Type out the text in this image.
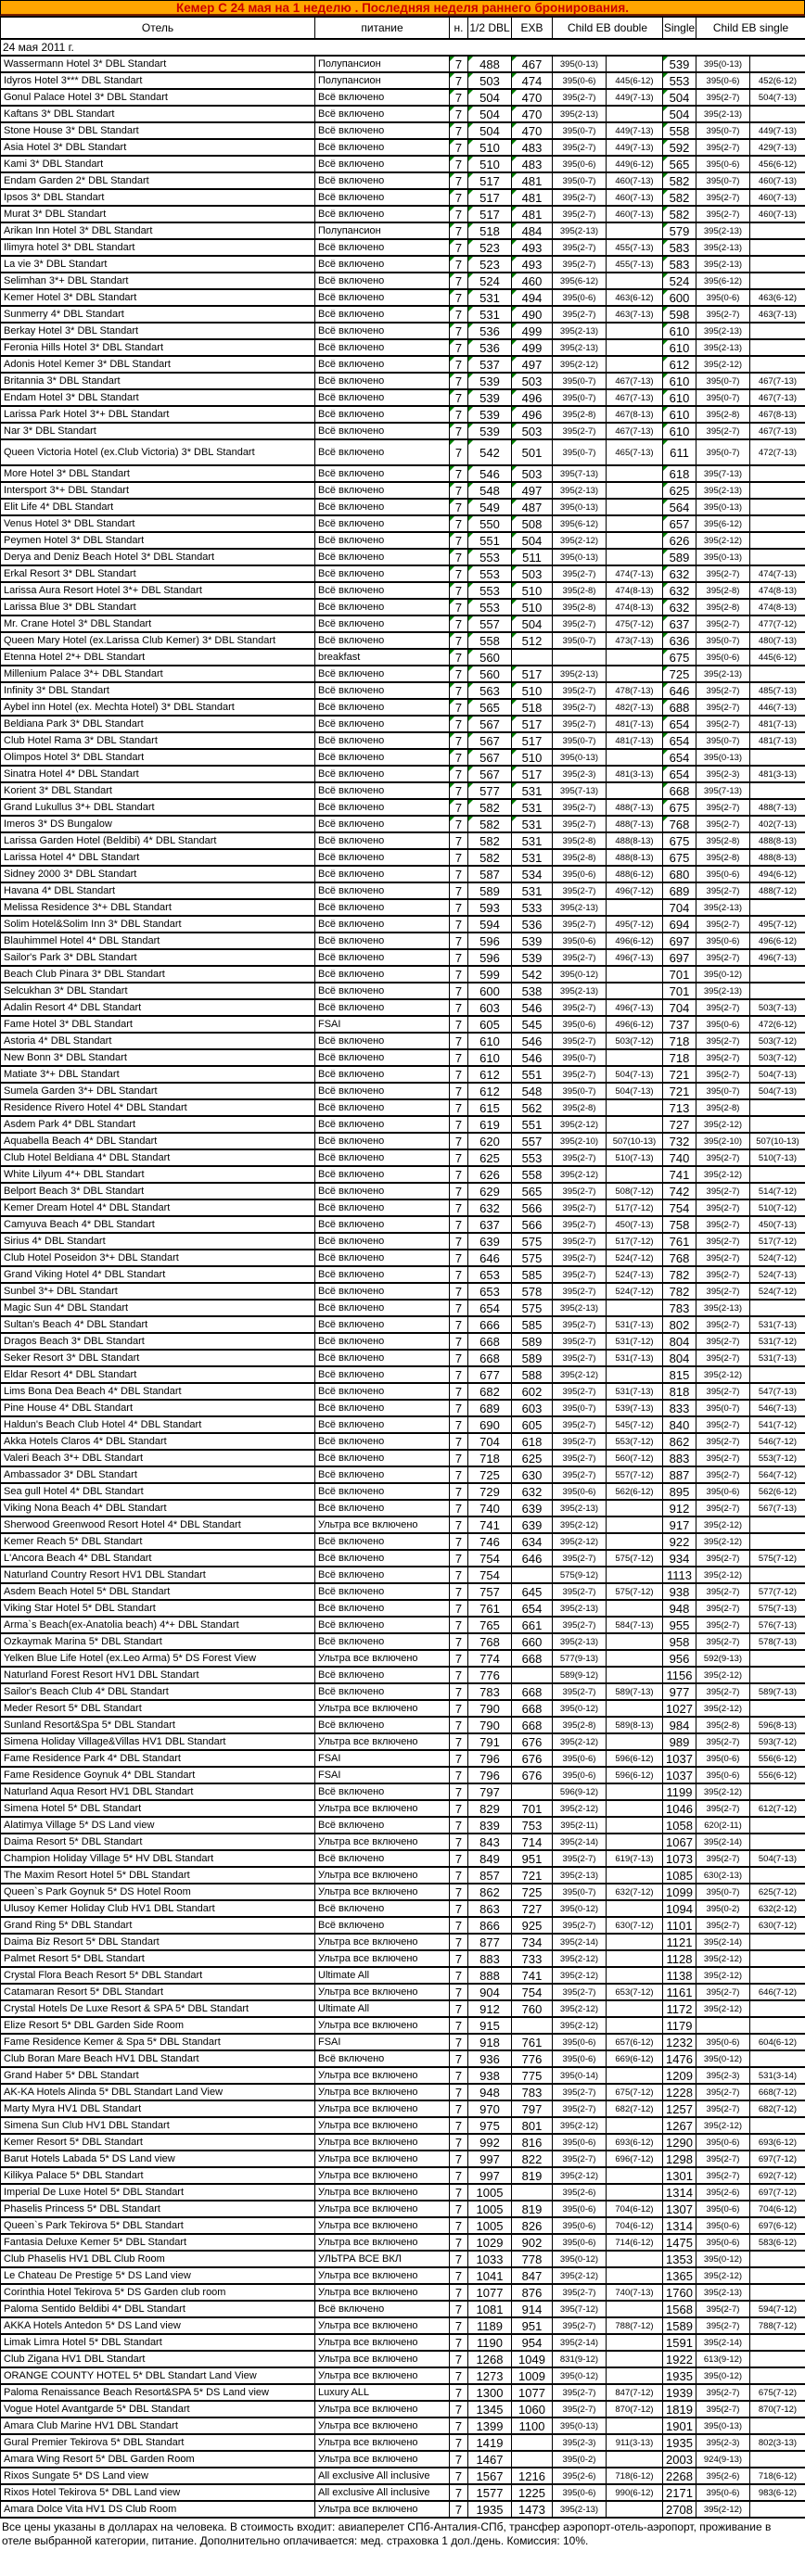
Кемер С 24 мая на 1 неделю . Последняя неделя раннего бронирования.
Отель	питание	н.	1/2 DBL	EXB	Child EB double		Single	Child EB single	
24 мая 2011 г.									
Wassermann Hotel 3* DBL Standart	Полупансион	7	488	467	395(0-13)		539	395(0-13)	
Idyros Hotel 3*** DBL Standart	Полупансион	7	503	474	395(0-6)	445(6-12)	553	395(0-6)	452(6-12)
Gonul Palace Hotel 3* DBL Standart	Всё включено	7	504	470	395(2-7)	449(7-13)	504	395(2-7)	504(7-13)
Kaftans 3* DBL Standart	Всё включено	7	504	470	395(2-13)		504	395(2-13)	
Stone House 3* DBL Standart	Всё включено	7	504	470	395(0-7)	449(7-13)	558	395(0-7)	449(7-13)
Asia Hotel 3* DBL Standart	Всё включено	7	510	483	395(2-7)	449(7-13)	592	395(2-7)	429(7-13)
Kami 3* DBL Standart	Всё включено	7	510	483	395(0-6)	449(6-12)	565	395(0-6)	456(6-12)
Endam Garden 2* DBL Standart	Всё включено	7	517	481	395(0-7)	460(7-13)	582	395(0-7)	460(7-13)
Ipsos 3* DBL Standart	Всё включено	7	517	481	395(2-7)	460(7-13)	582	395(2-7)	460(7-13)
Murat 3* DBL Standart	Всё включено	7	517	481	395(2-7)	460(7-13)	582	395(2-7)	460(7-13)
Arikan Inn Hotel 3* DBL Standart	Полупансион	7	518	484	395(2-13)		579	395(2-13)	
Ilimyra hotel 3* DBL Standart	Всё включено	7	523	493	395(2-7)	455(7-13)	583	395(2-13)	
La vie 3* DBL Standart	Всё включено	7	523	493	395(2-7)	455(7-13)	583	395(2-13)	
Selimhan 3*+ DBL Standart	Всё включено	7	524	460	395(6-12)		524	395(6-12)	
Kemer Hotel 3* DBL Standart	Всё включено	7	531	494	395(0-6)	463(6-12)	600	395(0-6)	463(6-12)
Sunmerry 4* DBL Standart	Всё включено	7	531	490	395(2-7)	463(7-13)	598	395(2-7)	463(7-13)
Berkay Hotel 3* DBL Standart	Всё включено	7	536	499	395(2-13)		610	395(2-13)	
Feronia Hills Hotel 3* DBL Standart	Всё включено	7	536	499	395(2-13)		610	395(2-13)	
Adonis Hotel Kemer 3* DBL Standart	Всё включено	7	537	497	395(2-12)		612	395(2-12)	
Britannia 3* DBL Standart	Всё включено	7	539	503	395(0-7)	467(7-13)	610	395(0-7)	467(7-13)
Endam Hotel 3* DBL Standart	Всё включено	7	539	496	395(0-7)	467(7-13)	610	395(0-7)	467(7-13)
Larissa Park Hotel 3*+ DBL Standart	Всё включено	7	539	496	395(2-8)	467(8-13)	610	395(2-8)	467(8-13)
Nar 3* DBL Standart	Всё включено	7	539	503	395(2-7)	467(7-13)	610	395(2-7)	467(7-13)
Queen Victoria Hotel (ex.Club Victoria) 3* DBL Standart	Всё включено	7	542	501	395(0-7)	465(7-13)	611	395(0-7)	472(7-13)
More Hotel 3* DBL Standart	Всё включено	7	546	503	395(7-13)		618	395(7-13)	
Intersport 3*+ DBL Standart	Всё включено	7	548	497	395(2-13)		625	395(2-13)	
Elit Life 4* DBL Standart	Всё включено	7	549	487	395(0-13)		564	395(0-13)	
Venus Hotel 3* DBL Standart	Всё включено	7	550	508	395(6-12)		657	395(6-12)	
Peymen Hotel 3* DBL Standart	Всё включено	7	551	504	395(2-12)		626	395(2-12)	
Derya and Deniz Beach Hotel 3* DBL Standart	Всё включено	7	553	511	395(0-13)		589	395(0-13)	
Erkal Resort 3* DBL Standart	Всё включено	7	553	503	395(2-7)	474(7-13)	632	395(2-7)	474(7-13)
Larissa Aura Resort Hotel 3*+ DBL Standart	Всё включено	7	553	510	395(2-8)	474(8-13)	632	395(2-8)	474(8-13)
Larissa Blue 3* DBL Standart	Всё включено	7	553	510	395(2-8)	474(8-13)	632	395(2-8)	474(8-13)
Mr. Crane Hotel 3* DBL Standart	Всё включено	7	557	504	395(2-7)	475(7-12)	637	395(2-7)	477(7-12)
Queen Mary Hotel (ex.Larissa Club Kemer) 3* DBL Standart	Всё включено	7	558	512	395(0-7)	473(7-13)	636	395(0-7)	480(7-13)
Etenna Hotel 2*+ DBL Standart	breakfast	7	560				675	395(0-6)	445(6-12)
Millenium Palace 3*+ DBL Standart	Всё включено	7	560	517	395(2-13)		725	395(2-13)	
Infinity 3* DBL Standart	Всё включено	7	563	510	395(2-7)	478(7-13)	646	395(2-7)	485(7-13)
Aybel inn Hotel (ex. Mechta Hotel) 3* DBL Standart	Всё включено	7	565	518	395(2-7)	482(7-13)	688	395(2-7)	446(7-13)
Beldiana Park 3* DBL Standart	Всё включено	7	567	517	395(2-7)	481(7-13)	654	395(2-7)	481(7-13)
Club Hotel Rama 3* DBL Standart	Всё включено	7	567	517	395(0-7)	481(7-13)	654	395(0-7)	481(7-13)
Olimpos Hotel 3* DBL Standart	Всё включено	7	567	510	395(0-13)		654	395(0-13)	
Sinatra Hotel 4* DBL Standart	Всё включено	7	567	517	395(2-3)	481(3-13)	654	395(2-3)	481(3-13)
Korient 3* DBL Standart	Всё включено	7	577	531	395(7-13)		668	395(7-13)	
Grand Lukullus 3*+ DBL Standart	Всё включено	7	582	531	395(2-7)	488(7-13)	675	395(2-7)	488(7-13)
Imeros 3* DS Bungalow	Всё включено	7	582	531	395(2-7)	488(7-13)	768	395(2-7)	402(7-13)
Larissa Garden Hotel (Beldibi) 4* DBL Standart	Всё включено	7	582	531	395(2-8)	488(8-13)	675	395(2-8)	488(8-13)
Larissa Hotel 4* DBL Standart	Всё включено	7	582	531	395(2-8)	488(8-13)	675	395(2-8)	488(8-13)
Sidney 2000 3* DBL Standart	Всё включено	7	587	534	395(0-6)	488(6-12)	680	395(0-6)	494(6-12)
Havana 4* DBL Standart	Всё включено	7	589	531	395(2-7)	496(7-12)	689	395(2-7)	488(7-12)
Melissa Residence 3*+ DBL Standart	Всё включено	7	593	533	395(2-13)		704	395(2-13)	
Solim Hotel&Solim Inn 3* DBL Standart	Всё включено	7	594	536	395(2-7)	495(7-12)	694	395(2-7)	495(7-12)
Blauhimmel Hotel 4* DBL Standart	Всё включено	7	596	539	395(0-6)	496(6-12)	697	395(0-6)	496(6-12)
Sailor's Park 3* DBL Standart	Всё включено	7	596	539	395(2-7)	496(7-13)	697	395(2-7)	496(7-13)
Beach Club Pinara 3* DBL Standart	Всё включено	7	599	542	395(0-12)		701	395(0-12)	
Selcukhan 3* DBL Standart	Всё включено	7	600	538	395(2-13)		701	395(2-13)	
Adalin Resort 4* DBL Standart	Всё включено	7	603	546	395(2-7)	496(7-13)	704	395(2-7)	503(7-13)
Fame Hotel 3* DBL Standart	FSAI	7	605	545	395(0-6)	496(6-12)	737	395(0-6)	472(6-12)
Astoria 4* DBL Standart	Всё включено	7	610	546	395(2-7)	503(7-12)	718	395(2-7)	503(7-12)
New Bonn 3* DBL Standart	Всё включено	7	610	546	395(0-7)		718	395(2-7)	503(7-12)
Matiate 3*+ DBL Standart	Всё включено	7	612	551	395(2-7)	504(7-13)	721	395(2-7)	504(7-13)
Sumela Garden 3*+ DBL Standart	Всё включено	7	612	548	395(0-7)	504(7-13)	721	395(0-7)	504(7-13)
Residence Rivero Hotel 4* DBL Standart	Всё включено	7	615	562	395(2-8)		713	395(2-8)	
Asdem Park 4* DBL Standart	Всё включено	7	619	551	395(2-12)		727	395(2-12)	
Aquabella Beach 4* DBL Standart	Всё включено	7	620	557	395(2-10)	507(10-13)	732	395(2-10)	507(10-13)
Club Hotel Beldiana 4* DBL Standart	Всё включено	7	625	553	395(2-7)	510(7-13)	740	395(2-7)	510(7-13)
White Lilyum 4*+ DBL Standart	Всё включено	7	626	558	395(2-12)		741	395(2-12)	
Belport Beach 3* DBL Standart	Всё включено	7	629	565	395(2-7)	508(7-12)	742	395(2-7)	514(7-12)
Kemer Dream Hotel 4* DBL Standart	Всё включено	7	632	566	395(2-7)	517(7-12)	754	395(2-7)	510(7-12)
Camyuva Beach 4* DBL Standart	Всё включено	7	637	566	395(2-7)	450(7-13)	758	395(2-7)	450(7-13)
Sirius 4* DBL Standart	Всё включено	7	639	575	395(2-7)	517(7-12)	761	395(2-7)	517(7-12)
Club Hotel Poseidon 3*+ DBL Standart	Всё включено	7	646	575	395(2-7)	524(7-12)	768	395(2-7)	524(7-12)
Grand Viking Hotel 4* DBL Standart	Всё включено	7	653	585	395(2-7)	524(7-13)	782	395(2-7)	524(7-13)
Sunbel 3*+ DBL Standart	Всё включено	7	653	578	395(2-7)	524(7-12)	782	395(2-7)	524(7-12)
Magic Sun 4* DBL Standart	Всё включено	7	654	575	395(2-13)		783	395(2-13)	
Sultan's Beach 4* DBL Standart	Всё включено	7	666	585	395(2-7)	531(7-13)	802	395(2-7)	531(7-13)
Dragos Beach 3* DBL Standart	Всё включено	7	668	589	395(2-7)	531(7-12)	804	395(2-7)	531(7-12)
Seker Resort 3* DBL Standart	Всё включено	7	668	589	395(2-7)	531(7-13)	804	395(2-7)	531(7-13)
Eldar Resort 4* DBL Standart	Всё включено	7	677	588	395(2-12)		815	395(2-12)	
Lims Bona Dea Beach 4* DBL Standart	Всё включено	7	682	602	395(2-7)	531(7-13)	818	395(2-7)	547(7-13)
Pine House 4* DBL Standart	Всё включено	7	689	603	395(0-7)	539(7-13)	833	395(0-7)	546(7-13)
Haldun's Beach Club Hotel 4* DBL Standart	Всё включено	7	690	605	395(2-7)	545(7-12)	840	395(2-7)	541(7-12)
Akka Hotels Claros 4* DBL Standart	Всё включено	7	704	618	395(2-7)	553(7-12)	862	395(2-7)	546(7-12)
Valeri Beach 3*+ DBL Standart	Всё включено	7	718	625	395(2-7)	560(7-12)	883	395(2-7)	553(7-12)
Ambassador 3* DBL Standart	Всё включено	7	725	630	395(2-7)	557(7-12)	887	395(2-7)	564(7-12)
Sea gull Hotel 4* DBL Standart	Всё включено	7	729	632	395(0-6)	562(6-12)	895	395(0-6)	562(6-12)
Viking Nona Beach 4* DBL Standart	Всё включено	7	740	639	395(2-13)		912	395(2-7)	567(7-13)
Sherwood Greenwood Resort Hotel 4* DBL Standart	Ультра все включено	7	741	639	395(2-12)		917	395(2-12)	
Kemer Reach 5* DBL Standart	Всё включено	7	746	634	395(2-12)		922	395(2-12)	
L'Ancora Beach 4* DBL Standart	Всё включено	7	754	646	395(2-7)	575(7-12)	934	395(2-7)	575(7-12)
Naturland Country Resort HV1 DBL Standart	Всё включено	7	754		575(9-12)		1113	395(2-12)	
Asdem Beach Hotel 5* DBL Standart	Всё включено	7	757	645	395(2-7)	575(7-12)	938	395(2-7)	577(7-12)
Viking Star Hotel 5* DBL Standart	Всё включено	7	761	654	395(2-13)		948	395(2-7)	575(7-13)
Arma`s Beach(ex-Anatolia beach) 4*+ DBL Standart	Всё включено	7	765	661	395(2-7)	584(7-13)	955	395(2-7)	576(7-13)
Ozkaymak Marina 5* DBL Standart	Всё включено	7	768	660	395(2-13)		958	395(2-7)	578(7-13)
Yelken Blue Life Hotel (ex.Leo Arma) 5* DS Forest View	Ультра все включено	7	774	668	577(9-13)		956	592(9-13)	
Naturland Forest Resort HV1 DBL Standart	Всё включено	7	776		589(9-12)		1156	395(2-12)	
Sailor's Beach Club 4* DBL Standart	Всё включено	7	783	668	395(2-7)	589(7-13)	977	395(2-7)	589(7-13)
Meder Resort 5* DBL Standart	Ультра все включено	7	790	668	395(0-12)		1027	395(2-12)	
Sunland Resort&Spa 5* DBL Standart	Всё включено	7	790	668	395(2-8)	589(8-13)	984	395(2-8)	596(8-13)
Simena Holiday Village&Villas HV1 DBL Standart	Ультра все включено	7	791	676	395(2-12)		989	395(2-7)	593(7-12)
Fame Residence Park 4* DBL Standart	FSAI	7	796	676	395(0-6)	596(6-12)	1037	395(0-6)	556(6-12)
Fame Residence Goynuk 4* DBL Standart	FSAI	7	796	676	395(0-6)	596(6-12)	1037	395(0-6)	556(6-12)
Naturland Aqua Resort HV1 DBL Standart	Всё включено	7	797		596(9-12)		1199	395(2-12)	
Simena Hotel 5* DBL Standart	Ультра все включено	7	829	701	395(2-12)		1046	395(2-7)	612(7-12)
Alatimya Village 5* DS Land view	Всё включено	7	839	753	395(2-11)		1058	620(2-11)	
Daima Resort 5* DBL Standart	Ультра все включено	7	843	714	395(2-14)		1067	395(2-14)	
Champion Holiday Village 5* HV DBL Standart	Всё включено	7	849	951	395(2-7)	619(7-13)	1073	395(2-7)	504(7-13)
The Maxim Resort Hotel 5* DBL Standart	Ультра все включено	7	857	721	395(2-13)		1085	630(2-13)	
Queen`s Park Goynuk 5* DS Hotel Room	Ультра все включено	7	862	725	395(0-7)	632(7-12)	1099	395(0-7)	625(7-12)
Ulusoy Kemer Holiday Club HV1 DBL Standart	Всё включено	7	863	727	395(0-12)		1094	395(0-2)	632(2-12)
Grand Ring 5* DBL Standart	Всё включено	7	866	925	395(2-7)	630(7-12)	1101	395(2-7)	630(7-12)
Daima Biz Resort 5* DBL Standart	Ультра все включено	7	877	734	395(2-14)		1121	395(2-14)	
Palmet Resort 5* DBL Standart	Ультра все включено	7	883	733	395(2-12)		1128	395(2-12)	
Crystal Flora Beach Resort 5* DBL Standart	Ultimate All	7	888	741	395(2-12)		1138	395(2-12)	
Catamaran Resort 5* DBL Standart	Ультра все включено	7	904	754	395(2-7)	653(7-12)	1161	395(2-7)	646(7-12)
Crystal Hotels De Luxe Resort & SPA 5* DBL Standart	Ultimate All	7	912	760	395(2-12)		1172	395(2-12)	
Elize Resort 5* DBL Garden Side Room	Ультра все включено	7	915		395(2-12)		1179		
Fame Residence Kemer & Spa 5* DBL Standart	FSAI	7	918	761	395(0-6)	657(6-12)	1232	395(0-6)	604(6-12)
Club Boran Mare Beach HV1 DBL Standart	Всё включено	7	936	776	395(0-6)	669(6-12)	1476	395(0-12)	
Grand Haber 5* DBL Standart	Ультра все включено	7	938	775	395(0-14)		1209	395(2-3)	531(3-14)
AK-KA Hotels Alinda 5* DBL Standart Land View	Ультра все включено	7	948	783	395(2-7)	675(7-12)	1228	395(2-7)	668(7-12)
Marty Myra HV1 DBL Standart	Ультра все включено	7	970	797	395(2-7)	682(7-12)	1257	395(2-7)	682(7-12)
Simena Sun Club HV1 DBL Standart	Ультра все включено	7	975	801	395(2-12)		1267	395(2-12)	
Kemer Resort 5* DBL Standart	Ультра все включено	7	992	816	395(0-6)	693(6-12)	1290	395(0-6)	693(6-12)
Barut Hotels Labada 5* DS Land view	Ультра все включено	7	997	822	395(2-7)	696(7-12)	1298	395(2-7)	697(7-12)
Kilikya Palace 5* DBL Standart	Ультра все включено	7	997	819	395(2-12)		1301	395(2-7)	692(7-12)
Imperial De Luxe Hotel 5* DBL Standart	Ультра все включено	7	1005		395(2-6)		1314	395(2-6)	697(7-12)
Phaselis Princess 5* DBL Standart	Ультра все включено	7	1005	819	395(0-6)	704(6-12)	1307	395(0-6)	704(6-12)
Queen`s Park Tekirova 5* DBL Standart	Ультра все включено	7	1005	826	395(0-6)	704(6-12)	1314	395(0-6)	697(6-12)
Fantasia Deluxe Kemer 5* DBL Standart	Ультра все включено	7	1029	902	395(0-6)	714(6-12)	1475	395(0-6)	583(6-12)
Club Phaselis HV1 DBL Club Room	УЛЬТРА ВСЕ ВКЛ	7	1033	778	395(0-12)		1353	395(0-12)	
Le Chateau De Prestige 5* DS Land view	Ультра все включено	7	1041	847	395(2-12)		1365	395(2-12)	
Corinthia Hotel Tekirova 5* DS Garden club room	Ультра все включено	7	1077	876	395(2-7)	740(7-13)	1760	395(2-13)	
Paloma Sentido Beldibi 4* DBL Standart	Всё включено	7	1081	914	395(7-12)		1568	395(2-7)	594(7-12)
AKKA Hotels Antedon 5* DS Land view	Ультра все включено	7	1189	951	395(2-7)	788(7-12)	1589	395(2-7)	788(7-12)
Limak Limra Hotel 5* DBL Standart	Ультра все включено	7	1190	954	395(2-14)		1591	395(2-14)	
Club Zigana HV1 DBL Standart	Ультра все включено	7	1268	1049	831(9-12)		1922	613(9-12)	
ORANGE COUNTY HOTEL 5* DBL Standart Land View	Ультра все включено	7	1273	1009	395(0-12)		1935	395(0-12)	
Paloma Renaissance Beach Resort&SPA 5* DS Land view	Luxury ALL	7	1300	1077	395(2-7)	847(7-12)	1939	395(2-7)	675(7-12)
Vogue Hotel Avantgarde 5* DBL Standart	Ультра все включено	7	1345	1060	395(2-7)	870(7-12)	1819	395(2-7)	870(7-12)
Amara Club Marine HV1 DBL Standart	Ультра все включено	7	1399	1100	395(0-13)		1901	395(0-13)	
Gural Premier Tekirova 5* DBL Standart	Ультра все включено	7	1419		395(2-3)	911(3-13)	1935	395(2-3)	802(3-13)
Amara Wing Resort 5* DBL Garden Room	Ультра все включено	7	1467		395(0-2)		2003	924(9-13)	
Rixos Sungate 5* DS Land view	All exclusive All inclusive	7	1567	1216	395(2-6)	718(6-12)	2268	395(2-6)	718(6-12)
Rixos Hotel Tekirova 5* DBL Land view	All exclusive All inclusive	7	1577	1225	395(0-6)	990(6-12)	2171	395(0-6)	983(6-12)
Amara Dolce Vita HV1 DS Club Room	Ультра все включено	7	1935	1473	395(2-13)		2708	395(2-12)	
Все цены указаны в долларах на человека. В стоимость входит: авиаперелет СПб-Анталия-СПб, трансфер аэропорт-отель-аэропорт, проживание в
отеле выбранной категории, питание. Дополнительно оплачивается: мед. страховка 1 дол./день. Комиссия: 10%.
